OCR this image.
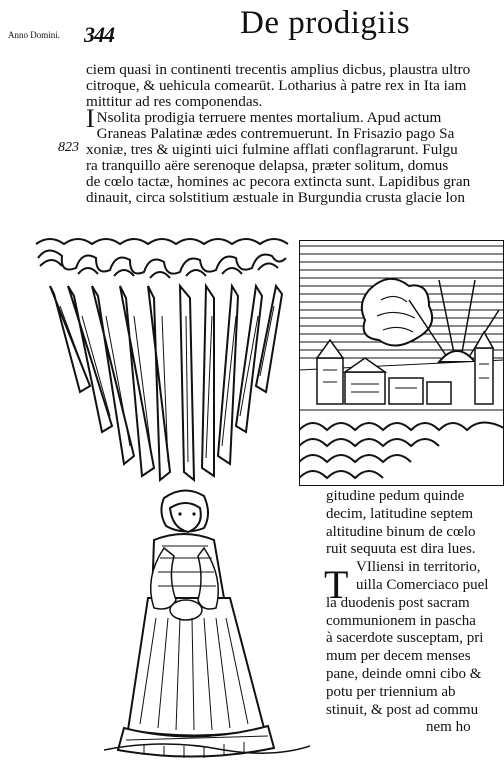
Anno Domini.	344	De prodigiis
ciem quasi in continenti trecentis amplius dicbus, plaustra ultro
citroque, & uehicula comearūt. Lotharius à patre rex in Ita iam
mittitur ad res componendas.
823
I Nsolita prodigia terruere mentes mortalium. Apud actum
Graneas Palatinæ ædes contremuerunt. In Frisazio pago Sa
xoniæ, tres & uiginti uici fulmine afflati conflagrarunt. Fulgu
ra tranquillo aëre serenoque delapsa, præter solitum, domus
de cœlo tactæ, homines ac pecora extincta sunt. Lapidibus gran
dinauit, circa solstitium æstuale in Burgundia crusta glacie lon
gitudine pedum quinde
decim, latitudine septem
altitudine binum de cœlo
ruit sequuta est dira lues.
VIliensi in territorio,
uilla Comerciaco puel
la duodenis post sacram
communionem in pascha
à sacerdote susceptam, pri
mum per decem menses
pane, deinde omni cibo &
potu per triennium ab
stinuit, & post ad commu
nem ho
T
